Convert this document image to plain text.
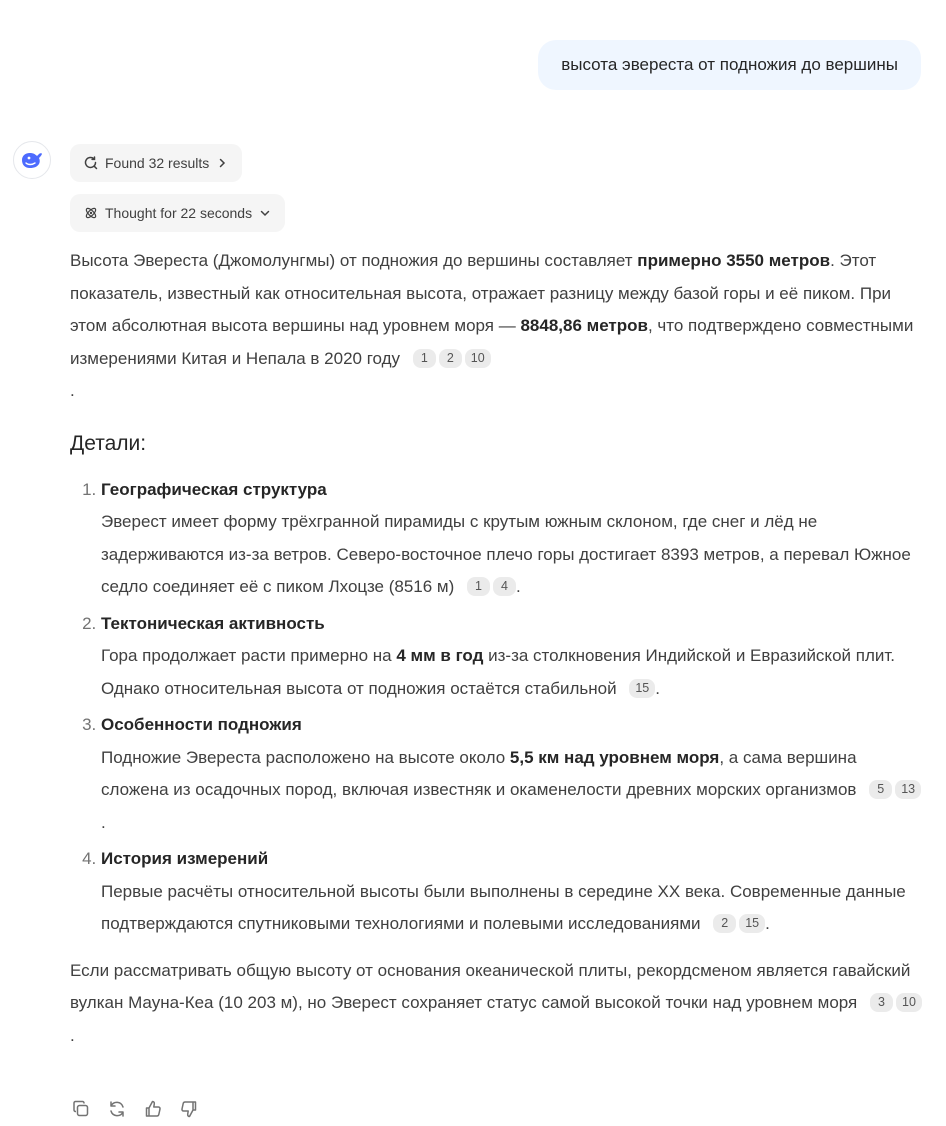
высота эвереста от подножия до вершины
Found 32 results
Thought for 22 seconds

Высота Эвереста (Джомолунгмы) от подножия до вершины составляет примерно 3550 метров. Этот показатель, известный как относительная высота, отражает разницу между базой горы и её пиком. При этом абсолютная высота вершины над уровнем моря — 8848,86 метров, что подтверждено совместными измерениями Китая и Непала в 2020 году 1 2 10
.

Детали:
1. Географическая структура
Эверест имеет форму трёхгранной пирамиды с крутым южным склоном, где снег и лёд не задерживаются из-за ветров. Северо-восточное плечо горы достигает 8393 метров, а перевал Южное седло соединяет её с пиком Лхоцзе (8516 м) 1 4 .
2. Тектоническая активность
Гора продолжает расти примерно на 4 мм в год из-за столкновения Индийской и Евразийской плит. Однако относительная высота от подножия остаётся стабильной 15 .
3. Особенности подножия
Подножие Эвереста расположено на высоте около 5,5 км над уровнем моря, а сама вершина сложена из осадочных пород, включая известняк и окаменелости древних морских организмов 5 13.
4. История измерений
Первые расчёты относительной высоты были выполнены в середине XX века. Современные данные подтверждаются спутниковыми технологиями и полевыми исследованиями 2 15 .

Если рассматривать общую высоту от основания океанической плиты, рекордсменом является гавайский вулкан Мауна-Кеа (10 203 м), но Эверест сохраняет статус самой высокой точки над уровнем моря 3 10.
